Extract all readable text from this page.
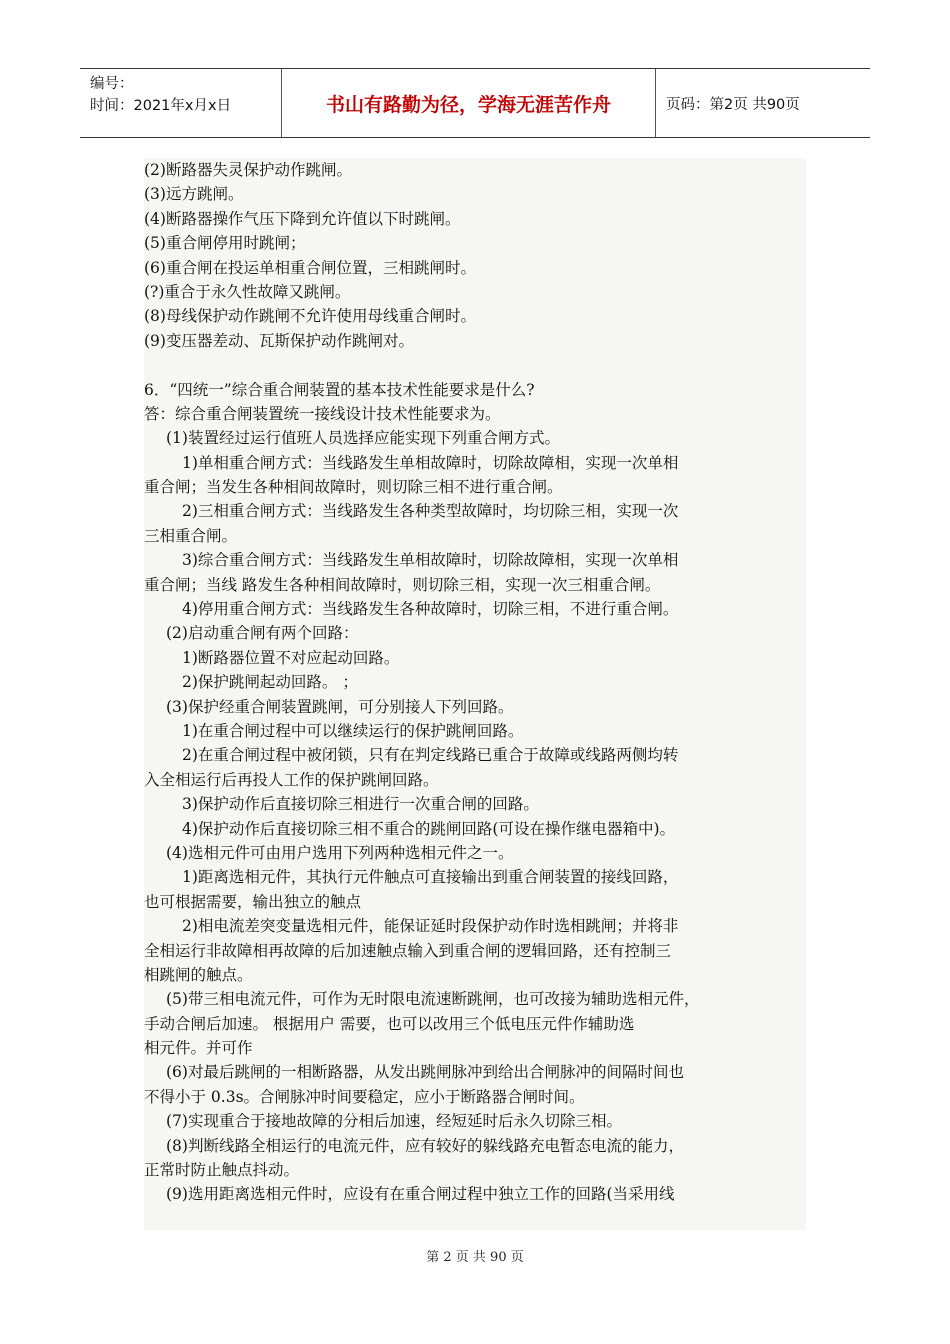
编号：
时间：2021年x月x日	书山有路勤为径，学海无涯苦作舟	页码：第2页 共90页
(2)断路器失灵保护动作跳闸。
(3)远方跳闸。
(4)断路器操作气压下降到允许值以下时跳闸。
(5)重合闸停用时跳闸；
(6)重合闸在投运单相重合闸位置，三相跳闸时。
(?)重合于永久性故障又跳闸。
(8)母线保护动作跳闸不允许使用母线重合闸时。
(9)变压器差动、瓦斯保护动作跳闸对。
6．“四统一”综合重合闸装置的基本技术性能要求是什么?
答：综合重合闸装置统一接线设计技术性能要求为。
(1)装置经过运行值班人员选择应能实现下列重合闸方式。
1)单相重合闸方式：当线路发生单相故障时，切除故障相，实现一次单相
重合闸；当发生各种相间故障时，则切除三相不进行重合闸。
2)三相重合闸方式：当线路发生各种类型故障时，均切除三相，实现一次
三相重合闸。
3)综合重合闸方式：当线路发生单相故障时，切除故障相，实现一次单相
重合闸；当线 路发生各种相间故障时，则切除三相，实现一次三相重合闸。
4)停用重合闸方式：当线路发生各种故障时，切除三相，不进行重合闸。
(2)启动重合闸有两个回路：
1)断路器位置不对应起动回路。
2)保护跳闸起动回路。 ；
(3)保护经重合闸装置跳闸，可分别接人下列回路。
1)在重合闸过程中可以继续运行的保护跳闸回路。
2)在重合闸过程中被闭锁，只有在判定线路已重合于故障或线路两侧均转
入全相运行后再投人工作的保护跳闸回路。
3)保护动作后直接切除三相进行一次重合闸的回路。
4)保护动作后直接切除三相不重合的跳闸回路(可设在操作继电器箱中)。
(4)选相元件可由用户选用下列两种选相元件之一。
1)距离选相元件，其执行元件触点可直接输出到重合闸装置的接线回路，
也可根据需要，输出独立的触点
2)相电流差突变量选相元件，能保证延时段保护动作时选相跳闸；并将非
全相运行非故障相再故障的后加速触点输入到重合闸的逻辑回路，还有控制三
相跳闸的触点。
(5)带三相电流元件，可作为无时限电流速断跳闸，也可改接为辅助选相元件，
手动合闸后加速。 根据用户 需要，也可以改用三个低电压元件作辅助选
相元件。并可作
(6)对最后跳闸的一相断路器，从发出跳闸脉冲到给出合闸脉冲的间隔时间也
不得小于 0.3s。合闸脉冲时间要稳定，应小于断路器合闸时间。
(7)实现重合于接地故障的分相后加速，经短延时后永久切除三相。
(8)判断线路全相运行的电流元件，应有较好的躲线路充电暂态电流的能力，
正常时防止触点抖动。
(9)选用距离选相元件时，应设有在重合闸过程中独立工作的回路(当采用线
第 2 页 共 90 页
